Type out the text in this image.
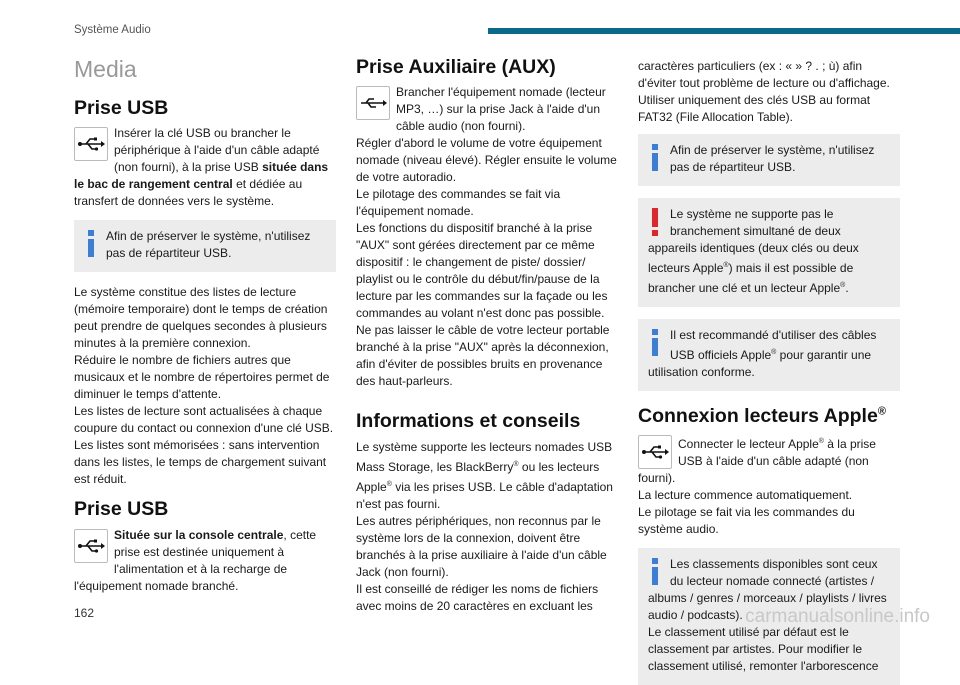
Système Audio
Media
Prise USB
Insérer la clé USB ou brancher le périphérique à l'aide d'un câble adapté (non fourni), à la prise USB située dans le bac de rangement central et dédiée au transfert de données vers le système.
Afin de préserver le système, n'utilisez pas de répartiteur USB.
Le système constitue des listes de lecture (mémoire temporaire) dont le temps de création peut prendre de quelques secondes à plusieurs minutes à la première connexion.
Réduire le nombre de fichiers autres que musicaux et le nombre de répertoires permet de diminuer le temps d'attente.
Les listes de lecture sont actualisées à chaque coupure du contact ou connexion d'une clé USB.
Les listes sont mémorisées : sans intervention dans les listes, le temps de chargement suivant est réduit.
Prise USB
Située sur la console centrale, cette prise est destinée uniquement à l'alimentation et à la recharge de l'équipement nomade branché.
Prise Auxiliaire (AUX)
Brancher l'équipement nomade (lecteur MP3, …) sur la prise Jack à l'aide d'un câble audio (non fourni).
Régler d'abord le volume de votre équipement nomade (niveau élevé). Régler ensuite le volume de votre autoradio.
Le pilotage des commandes se fait via l'équipement nomade.
Les fonctions du dispositif branché à la prise "AUX" sont gérées directement par ce même dispositif : le changement de piste/ dossier/ playlist ou le contrôle du début/fin/pause de la lecture par les commandes sur la façade ou les commandes au volant n'est donc pas possible.
Ne pas laisser le câble de votre lecteur portable branché à la prise "AUX" après la déconnexion, afin d'éviter de possibles bruits en provenance des haut-parleurs.
Informations et conseils
Le système supporte les lecteurs nomades USB Mass Storage, les BlackBerry® ou les lecteurs Apple® via les prises USB. Le câble d'adaptation n'est pas fourni.
Les autres périphériques, non reconnus par le système lors de la connexion, doivent être branchés à la prise auxiliaire à l'aide d'un câble Jack (non fourni).
Il est conseillé de rédiger les noms de fichiers avec moins de 20 caractères en excluant les
caractères particuliers (ex : « » ? . ; ù) afin d'éviter tout problème de lecture ou d'affichage.
Utiliser uniquement des clés USB au format FAT32 (File Allocation Table).
Afin de préserver le système, n'utilisez pas de répartiteur USB.
Le système ne supporte pas le branchement simultané de deux appareils identiques (deux clés ou deux lecteurs Apple®) mais il est possible de brancher une clé et un lecteur Apple®.
Il est recommandé d'utiliser des câbles USB officiels Apple® pour garantir une utilisation conforme.
Connexion lecteurs Apple®
Connecter le lecteur Apple® à la prise USB à l'aide d'un câble adapté (non fourni).
La lecture commence automatiquement.
Le pilotage se fait via les commandes du système audio.
Les classements disponibles sont ceux du lecteur nomade connecté (artistes / albums / genres / morceaux / playlists / livres audio / podcasts).
Le classement utilisé par défaut est le classement par artistes. Pour modifier le classement utilisé, remonter l'arborescence
162	carmanualsonline.info
